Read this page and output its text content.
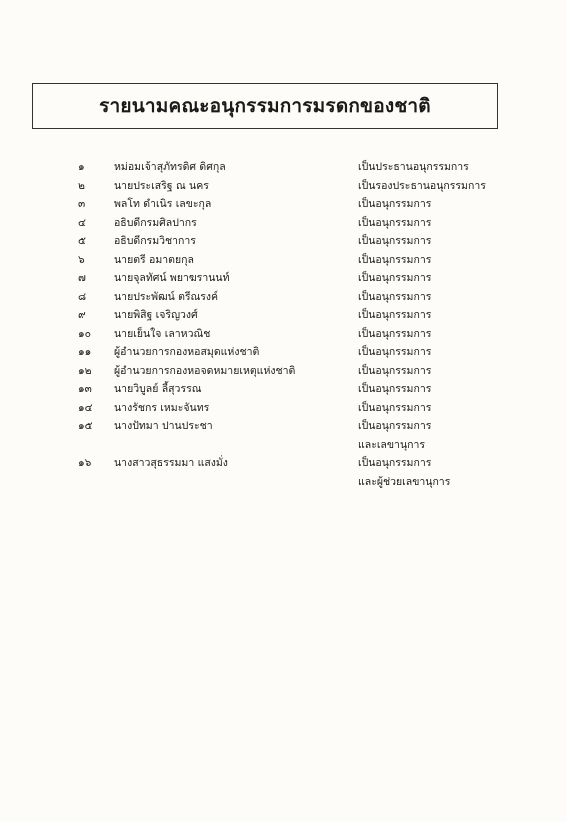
รายนามคณะอนุกรรมการมรดกของชาติ
๑	หม่อมเจ้าสุภัทรดิศ ดิศกุล	เป็นประธานอนุกรรมการ
๒	นายประเสริฐ ณ นคร	เป็นรองประธานอนุกรรมการ
๓	พลโท ดำเนิร เลขะกุล	เป็นอนุกรรมการ
๔	อธิบดีกรมศิลปากร	เป็นอนุกรรมการ
๕	อธิบดีกรมวิชาการ	เป็นอนุกรรมการ
๖	นายตรี อมาตยกุล	เป็นอนุกรรมการ
๗	นายจุลทัศน์ พยาฆรานนท์	เป็นอนุกรรมการ
๘	นายประพัฒน์ ตรีณรงค์	เป็นอนุกรรมการ
๙	นายพิสิฐ เจริญวงศ์	เป็นอนุกรรมการ
๑๐	นายเย็นใจ เลาหวณิช	เป็นอนุกรรมการ
๑๑	ผู้อำนวยการกองหอสมุดแห่งชาติ	เป็นอนุกรรมการ
๑๒	ผู้อำนวยการกองหอจดหมายเหตุแห่งชาติ	เป็นอนุกรรมการ
๑๓	นายวิบูลย์ ลี้สุวรรณ	เป็นอนุกรรมการ
๑๔	นางรัชกร เหมะจันทร	เป็นอนุกรรมการ
๑๕	นางปัทมา ปานประชา	เป็นอนุกรรมการ
และเลขานุการ
๑๖	นางสาวสุธรรมมา แสงมั่ง	เป็นอนุกรรมการ
และผู้ช่วยเลขานุการ
